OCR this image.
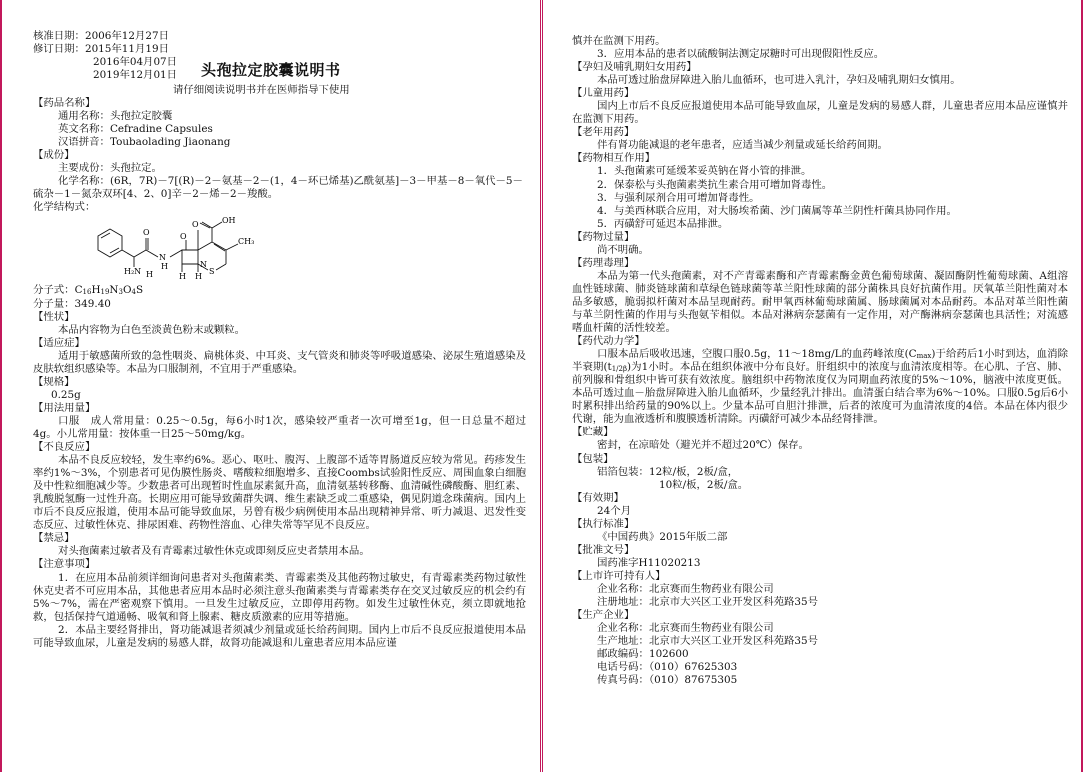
核准日期：2006年12月27日
修订日期：2015年11月19日
2016年04月07日
2019年12月01日 头孢拉定胶囊说明书
请仔细阅读说明书并在医师指导下使用
【药品名称】
通用名称：头孢拉定胶囊
英文名称：Cefradine Capsules
汉语拼音：Toubaolading Jiaonang
【成份】
主要成份：头孢拉定。
化学名称：(6R，7R)－7[(R)－2－氨基－2－(1，4－环已烯基)乙酰氨基]－3－甲基－8－氧代－5－
硫杂－1－氮杂双环[4、2、0]辛－2－烯－2－羧酸。
化学结构式：
O
OH
O
O
CH₃
H₂N H
N
H H
N
S
H
分子式：$C_{16}H_{19}N_3O_4S$
分子量：349.40
【性状】
本品内容物为白色至淡黄色粉末或颗粒。
【适应症】
适用于敏感菌所致的急性咽炎、扁桃体炎、中耳炎、支气管炎和肺炎等呼吸道感染、泌尿生殖道感染及皮肤软组织感染等。本品为口服制剂，不宜用于严重感染。
【规格】
0.25g
【用法用量】
口服　成人常用量：0.25～0.5g，每6小时1次，感染较严重者一次可增至1g，但一日总量不超过4g。小儿常用量：按体重一日25～50mg/kg。
【不良反应】
本品不良反应较轻，发生率约6%。恶心、呕吐、腹泻、上腹部不适等胃肠道反应较为常见。药疹发生率约1%～3%，个别患者可见伪膜性肠炎、嗜酸粒细胞增多、直接Coombs试验阳性反应、周围血象白细胞及中性粒细胞减少等。少数患者可出现暂时性血尿素氮升高，血清氨基转移酶、血清碱性磷酸酶、胆红素、乳酸脱氢酶一过性升高。长期应用可能导致菌群失调、维生素缺乏或二重感染，偶见阴道念珠菌病。国内上市后不良反应报道，使用本品可能导致血尿，另曾有极少病例使用本品出现精神异常、听力减退、迟发性变态反应、过敏性休克、排尿困难、药物性溶血、心律失常等罕见不良反应。
【禁忌】
对头孢菌素过敏者及有青霉素过敏性休克或即刻反应史者禁用本品。
【注意事项】
1．在应用本品前须详细询问患者对头孢菌素类、青霉素类及其他药物过敏史，有青霉素类药物过敏性休克史者不可应用本品，其他患者应用本品时必须注意头孢菌素类与青霉素类存在交叉过敏反应的机会约有5%～7%，需在严密观察下慎用。一旦发生过敏反应，立即停用药物。如发生过敏性休克，须立即就地抢救，包括保持气道通畅、吸氧和肾上腺素、糖皮质激素的应用等措施。
2．本品主要经肾排出，肾功能减退者须减少剂量或延长给药间期。国内上市后不良反应报道使用本品可能导致血尿，儿童是发病的易感人群，故肾功能减退和儿童患者应用本品应谨
慎并在监测下用药。
3．应用本品的患者以硫酸铜法测定尿糖时可出现假阳性反应。
【孕妇及哺乳期妇女用药】
本品可透过胎盘屏障进入胎儿血循环，也可进入乳汁，孕妇及哺乳期妇女慎用。
【儿童用药】
国内上市后不良反应报道使用本品可能导致血尿，儿童是发病的易感人群，儿童患者应用本品应谨慎并在监测下用药。
【老年用药】
伴有肾功能减退的老年患者，应适当减少剂量或延长给药间期。
【药物相互作用】
1．头孢菌素可延缓苯妥英钠在肾小管的排泄。
2．保泰松与头孢菌素类抗生素合用可增加肾毒性。
3．与强利尿剂合用可增加肾毒性。
4．与美西林联合应用，对大肠埃希菌、沙门菌属等革兰阴性杆菌具协同作用。
5．丙磺舒可延迟本品排泄。
【药物过量】
尚不明确。
【药理毒理】
本品为第一代头孢菌素，对不产青霉素酶和产青霉素酶金黄色葡萄球菌、凝固酶阴性葡萄球菌、A组溶血性链球菌、肺炎链球菌和草绿色链球菌等革兰阳性球菌的部分菌株具良好抗菌作用。厌氧革兰阳性菌对本品多敏感，脆弱拟杆菌对本品呈现耐药。耐甲氧西林葡萄球菌属、肠球菌属对本品耐药。本品对革兰阳性菌与革兰阴性菌的作用与头孢氨苄相似。本品对淋病奈瑟菌有一定作用，对产酶淋病奈瑟菌也具活性；对流感嗜血杆菌的活性较差。
【药代动力学】
口服本品后吸收迅速，空腹口服0.5g，11～18mg/L的血药峰浓度$(C_{max})$于给药后1小时到达，血消除半衰期$(t_{1/2\beta})$为1小时。本品在组织体液中分布良好。肝组织中的浓度与血清浓度相等。在心肌、子宫、肺、前列腺和骨组织中皆可获有效浓度。脑组织中药物浓度仅为同期血药浓度的5%～10%，脑液中浓度更低。本品可透过血－胎盘屏障进入胎儿血循环，少量经乳汁排出。血清蛋白结合率为6%～10%。口服0.5g后6小时累积排出给药量的90%以上。少量本品可自胆汁排泄，后者的浓度可为血清浓度的4倍。本品在体内很少代谢，能为血液透析和腹膜透析清除。丙磺舒可减少本品经肾排泄。
【贮藏】
密封，在凉暗处（避光并不超过20℃）保存。
【包装】
铝箔包装：12粒/板，2板/盒，
10粒/板，2板/盒。
【有效期】
24个月
【执行标准】
《中国药典》2015年版二部
【批准文号】
国药准字H11020213
【上市许可持有人】
企业名称：北京赛而生物药业有限公司
注册地址：北京市大兴区工业开发区科苑路35号
【生产企业】
企业名称：北京赛而生物药业有限公司
生产地址：北京市大兴区工业开发区科苑路35号
邮政编码：102600
电话号码：（010）67625303
传真号码：（010）87675305
